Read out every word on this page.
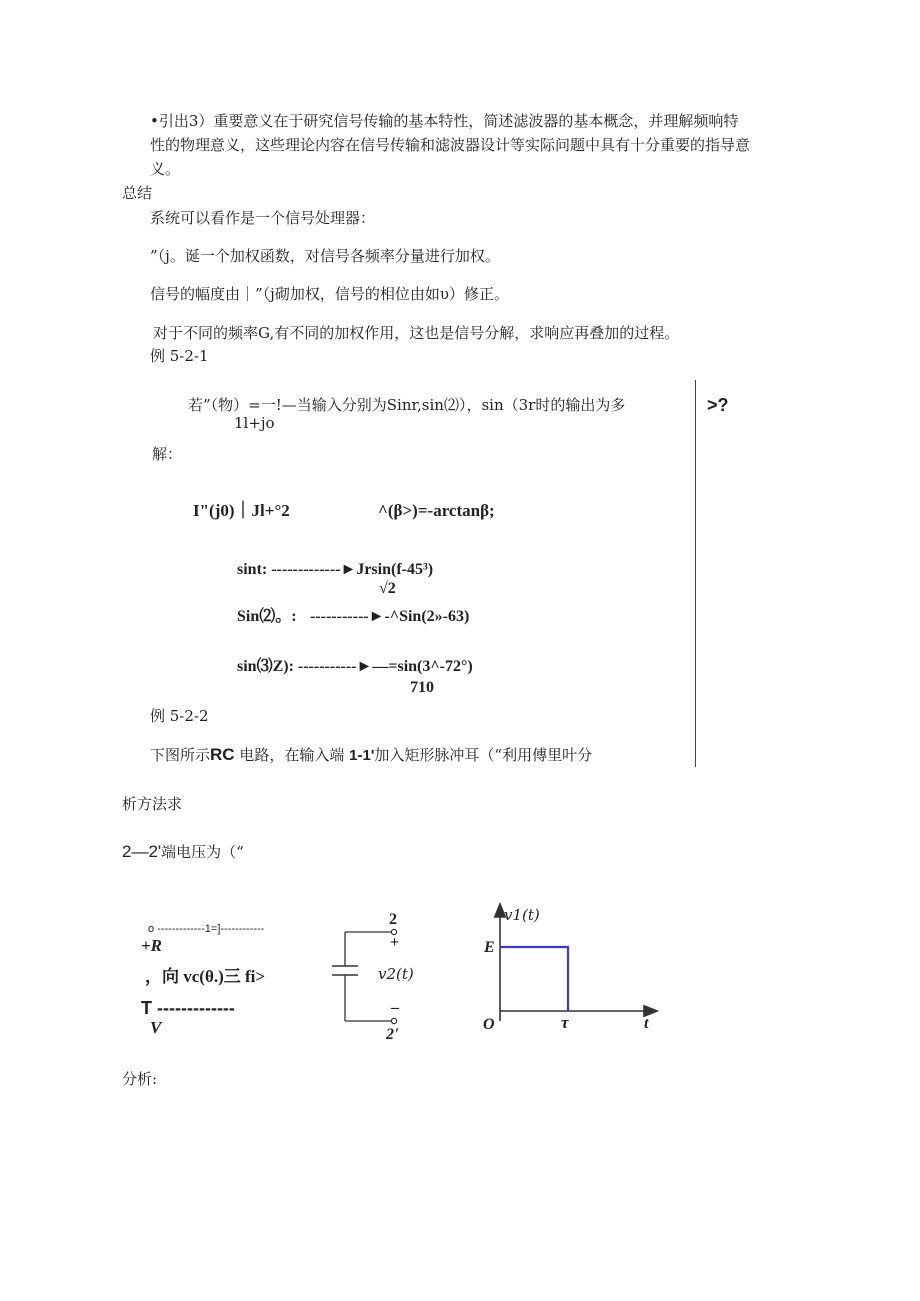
•引出3）重要意义在于研究信号传输的基本特性，简述滤波器的基本概念，并理解频响特
性的物理意义，这些理论内容在信号传输和滤波器设计等实际问题中具有十分重要的指导意
义。
总结
系统可以看作是一个信号处理器：
”（j。诞一个加权函数，对信号各频率分量进行加权。
信号的幅度由｜”（j砌加权，信号的相位由如υ）修正。
对于不同的频率G,有不同的加权作用，这也是信号分解，求响应再叠加的过程。
例 5-2-1
若”（物）=一!—当输入分别为Sinr,sin⑵），sin（3r时的输出为多
1l+jo
>?
解：
I"(j0)｜Jl+°2	^(β>)=-arctanβ;
sint: -------------►Jrsin(f-45³)
√2
Sin⑵。: -----------►-^Sin(2»-63)
sin⑶Z): -----------►—=sin(3^-72°)
710
例 5-2-2
下图所示RC 电路，在输入端 1-1'加入矩形脉冲耳（“利用傅里叶分
析方法求
2—2'端电压为（“
o -------------1=]------------
+R
，向 vc(θ.)三 fi>
T -------------
V
2
+
v2(t)
–
2'
v1(t)
E
O	τ	t
分析:
